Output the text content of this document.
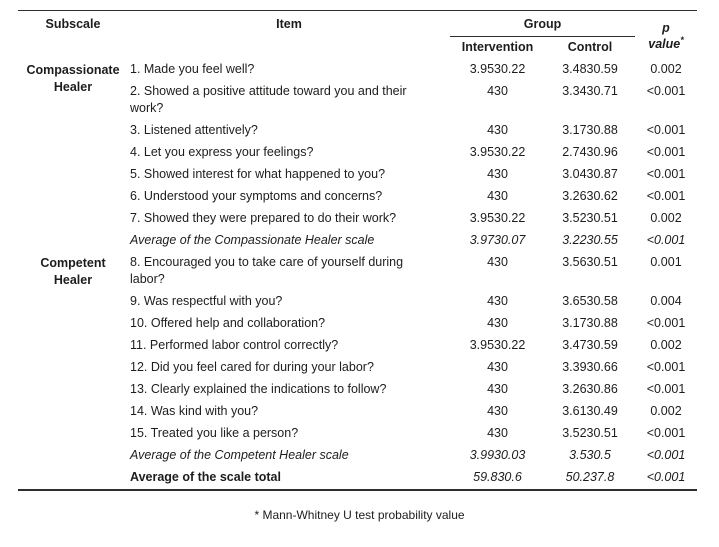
Subscale	Item	Group		p
value*
		Intervention	Control	
Compassionate Healer	1. Made you feel well?	3.9530.22	3.4830.59	0.002
	2. Showed a positive attitude toward you and their work?	430	3.3430.71	<0.001
	3. Listened attentively?	430	3.1730.88	<0.001
	4. Let you express your feelings?	3.9530.22	2.7430.96	<0.001
	5. Showed interest for what happened to you?	430	3.0430.87	<0.001
	6. Understood your symptoms and concerns?	430	3.2630.62	<0.001
	7. Showed they were prepared to do their work?	3.9530.22	3.5230.51	0.002
	Average of the Compassionate Healer scale	3.9730.07	3.2230.55	<0.001
Competent Healer	8. Encouraged you to take care of yourself during labor?	430	3.5630.51	0.001
	9. Was respectful with you?	430	3.6530.58	0.004
	10. Offered help and collaboration?	430	3.1730.88	<0.001
	11. Performed labor control correctly?	3.9530.22	3.4730.59	0.002
	12. Did you feel cared for during your labor?	430	3.3930.66	<0.001
	13. Clearly explained the indications to follow?	430	3.2630.86	<0.001
	14. Was kind with you?	430	3.6130.49	0.002
	15. Treated you like a person?	430	3.5230.51	<0.001
	Average of the Competent Healer scale	3.9930.03	3.530.5	<0.001
	Average of the scale total	59.830.6	50.237.8	<0.001
* Mann-Whitney U test probability value
